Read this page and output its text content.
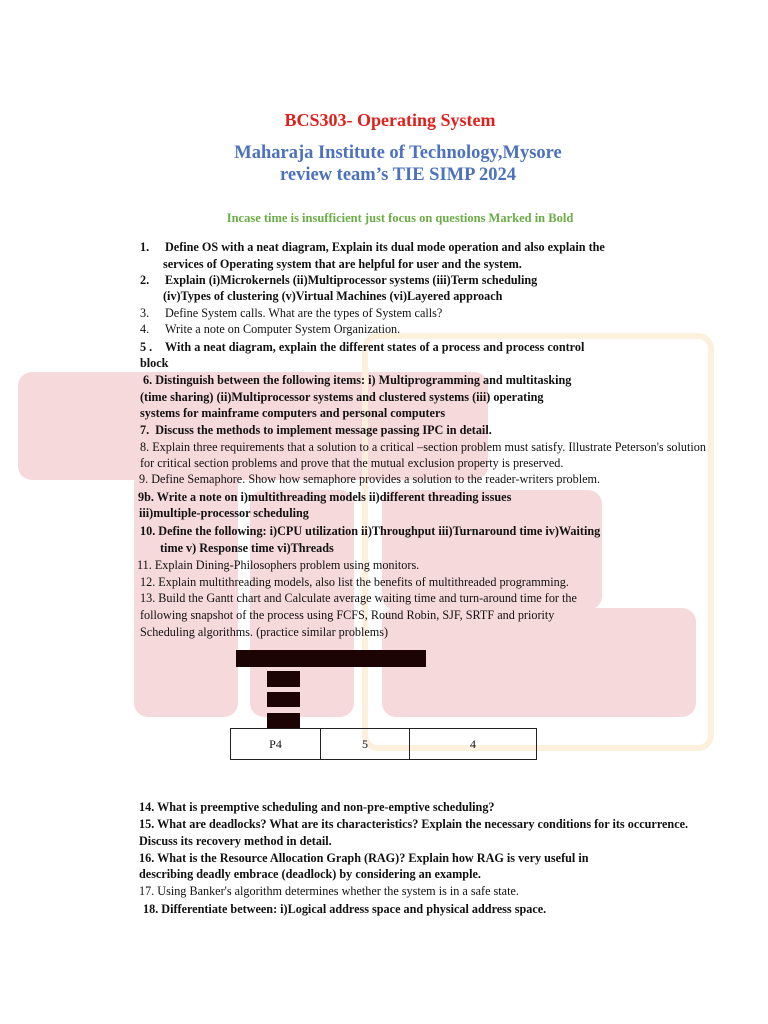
BCS303- Operating System
Maharaja Institute of Technology,Mysore
review team’s TIE SIMP 2024
Incase time is insufficient just focus on questions Marked in Bold
1. Define OS with a neat diagram, Explain its dual mode operation and also explain the
services of Operating system that are helpful for user and the system.
2. Explain (i)Microkernels (ii)Multiprocessor systems (iii)Term scheduling
(iv)Types of clustering (v)Virtual Machines (vi)Layered approach
3. Define System calls. What are the types of System calls?
4. Write a note on Computer System Organization.
5 . With a neat diagram, explain the different states of a process and process control
block
6. Distinguish between the following items: i) Multiprogramming and multitasking
(time sharing) (ii)Multiprocessor systems and clustered systems (iii) operating
systems for mainframe computers and personal computers
7. Discuss the methods to implement message passing IPC in detail.
8. Explain three requirements that a solution to a critical –section problem must satisfy. Illustrate Peterson's solution
for critical section problems and prove that the mutual exclusion property is preserved.
9. Define Semaphore. Show how semaphore provides a solution to the reader-writers problem.
9b. Write a note on i)multithreading models ii)different threading issues
iii)multiple-processor scheduling
10. Define the following: i)CPU utilization ii)Throughput iii)Turnaround time iv)Waiting
time v) Response time vi)Threads
11. Explain Dining-Philosophers problem using monitors.
12. Explain multithreading models, also list the benefits of multithreaded programming.
13. Build the Gantt chart and Calculate average waiting time and turn-around time for the
following snapshot of the process using FCFS, Round Robin, SJF, SRTF and priority
Scheduling algorithms. (practice similar problems)
P4	5	4
14. What is preemptive scheduling and non-pre-emptive scheduling?
15. What are deadlocks? What are its characteristics? Explain the necessary conditions for its occurrence.
Discuss its recovery method in detail.
16. What is the Resource Allocation Graph (RAG)? Explain how RAG is very useful in
describing deadly embrace (deadlock) by considering an example.
17. Using Banker's algorithm determines whether the system is in a safe state.
18. Differentiate between: i)Logical address space and physical address space.
